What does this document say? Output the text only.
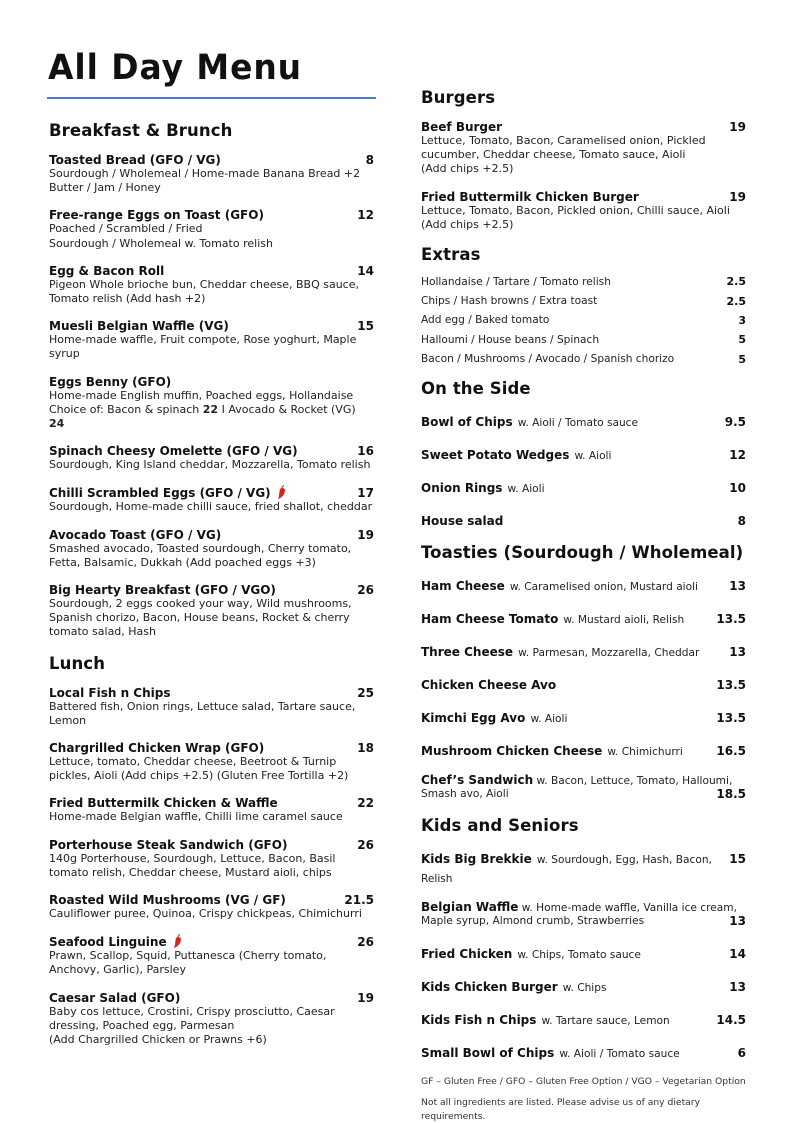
All Day Menu
Breakfast & Brunch
Toasted Bread (GFO / VG)	8
Sourdough / Wholemeal / Home-made Banana Bread +2
Butter / Jam / Honey
Free-range Eggs on Toast (GFO)	12
Poached / Scrambled / Fried
Sourdough / Wholemeal w. Tomato relish
Egg & Bacon Roll	14
Pigeon Whole brioche bun, Cheddar cheese, BBQ sauce, Tomato relish (Add hash +2)
Muesli Belgian Waffle (VG)	15
Home-made waffle, Fruit compote, Rose yoghurt, Maple syrup
Eggs Benny (GFO)
Home-made English muffin, Poached eggs, Hollandaise
Choice of: Bacon & spinach 22 I Avocado & Rocket (VG) 24
Spinach Cheesy Omelette (GFO / VG)	16
Sourdough, King Island cheddar, Mozzarella, Tomato relish
Chilli Scrambled Eggs (GFO / VG)	17
Sourdough, Home-made chilli sauce, fried shallot, cheddar
Avocado Toast (GFO / VG)	19
Smashed avocado, Toasted sourdough, Cherry tomato, Fetta, Balsamic, Dukkah (Add poached eggs +3)
Big Hearty Breakfast (GFO / VGO)	26
Sourdough, 2 eggs cooked your way, Wild mushrooms, Spanish chorizo, Bacon, House beans, Rocket & cherry tomato salad, Hash
Lunch
Local Fish n Chips	25
Battered fish, Onion rings, Lettuce salad, Tartare sauce, Lemon
Chargrilled Chicken Wrap (GFO)	18
Lettuce, tomato, Cheddar cheese, Beetroot & Turnip pickles, Aioli (Add chips +2.5) (Gluten Free Tortilla +2)
Fried Buttermilk Chicken & Waffle	22
Home-made Belgian waffle, Chilli lime caramel sauce
Porterhouse Steak Sandwich (GFO)	26
140g Porterhouse, Sourdough, Lettuce, Bacon, Basil tomato relish, Cheddar cheese, Mustard aioli, chips
Roasted Wild Mushrooms (VG / GF)	21.5
Cauliflower puree, Quinoa, Crispy chickpeas, Chimichurri
Seafood Linguine	26
Prawn, Scallop, Squid, Puttanesca (Cherry tomato, Anchovy, Garlic), Parsley
Caesar Salad (GFO)	19
Baby cos lettuce, Crostini, Crispy prosciutto, Caesar dressing, Poached egg, Parmesan
(Add Chargrilled Chicken or Prawns +6)
Burgers
Beef Burger	19
Lettuce, Tomato, Bacon, Caramelised onion, Pickled cucumber, Cheddar cheese, Tomato sauce, Aioli
(Add chips +2.5)
Fried Buttermilk Chicken Burger	19
Lettuce, Tomato, Bacon, Pickled onion, Chilli sauce, Aioli
(Add chips +2.5)
Extras
Hollandaise / Tartare / Tomato relish	2.5
Chips / Hash browns / Extra toast	2.5
Add egg / Baked tomato	3
Halloumi / House beans / Spinach	5
Bacon / Mushrooms / Avocado / Spanish chorizo	5
On the Side
Bowl of Chips w. Aioli / Tomato sauce	9.5
Sweet Potato Wedges w. Aioli	12
Onion Rings w. Aioli	10
House salad	8
Toasties (Sourdough / Wholemeal)
Ham Cheese w. Caramelised onion, Mustard aioli	13
Ham Cheese Tomato w. Mustard aioli, Relish	13.5
Three Cheese w. Parmesan, Mozzarella, Cheddar 13
Chicken Cheese Avo	13.5
Kimchi Egg Avo w. Aioli	13.5
Mushroom Chicken Cheese w. Chimichurri	16.5
Chef’s Sandwich w. Bacon, Lettuce, Tomato, Halloumi,
Smash avo, Aioli	18.5
Kids and Seniors
Kids Big Brekkie w. Sourdough, Egg, Hash, Bacon, Relish
15
Belgian Waffle w. Home-made waffle, Vanilla ice cream,
Maple syrup, Almond crumb, Strawberries	13
Fried Chicken w. Chips, Tomato sauce	14
Kids Chicken Burger w. Chips	13
Kids Fish n Chips w. Tartare sauce, Lemon	14.5
Small Bowl of Chips w. Aioli / Tomato sauce	6
GF – Gluten Free / GFO – Gluten Free Option / VGO – Vegetarian Option
Not all ingredients are listed. Please advise us of any dietary requirements.
